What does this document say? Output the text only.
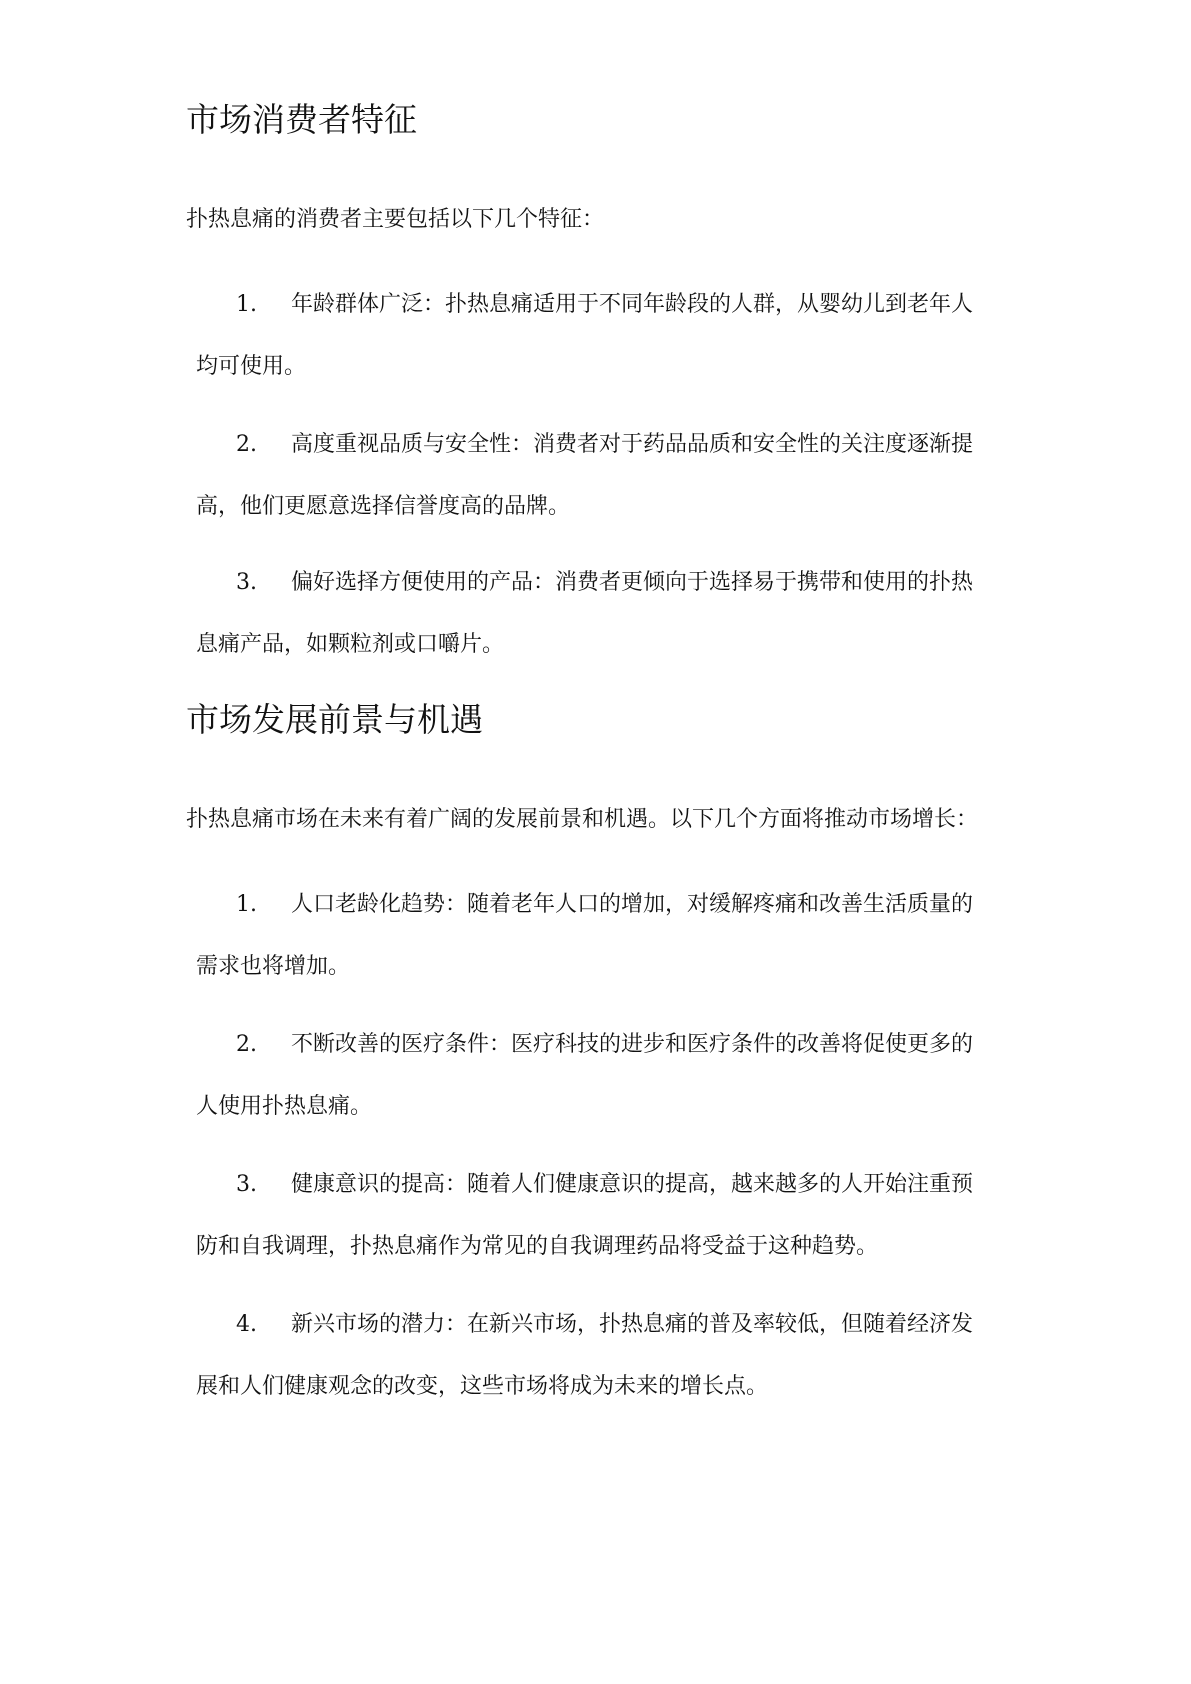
市场消费者特征
扑热息痛的消费者主要包括以下几个特征：
1. 年龄群体广泛：扑热息痛适用于不同年龄段的人群，从婴幼儿到老年人
均可使用。
2. 高度重视品质与安全性：消费者对于药品品质和安全性的关注度逐渐提
高，他们更愿意选择信誉度高的品牌。
3. 偏好选择方便使用的产品：消费者更倾向于选择易于携带和使用的扑热
息痛产品，如颗粒剂或口嚼片。
市场发展前景与机遇
扑热息痛市场在未来有着广阔的发展前景和机遇。以下几个方面将推动市场增长：
1. 人口老龄化趋势：随着老年人口的增加，对缓解疼痛和改善生活质量的
需求也将增加。
2. 不断改善的医疗条件：医疗科技的进步和医疗条件的改善将促使更多的
人使用扑热息痛。
3. 健康意识的提高：随着人们健康意识的提高，越来越多的人开始注重预
防和自我调理，扑热息痛作为常见的自我调理药品将受益于这种趋势。
4. 新兴市场的潜力：在新兴市场，扑热息痛的普及率较低，但随着经济发
展和人们健康观念的改变，这些市场将成为未来的增长点。
